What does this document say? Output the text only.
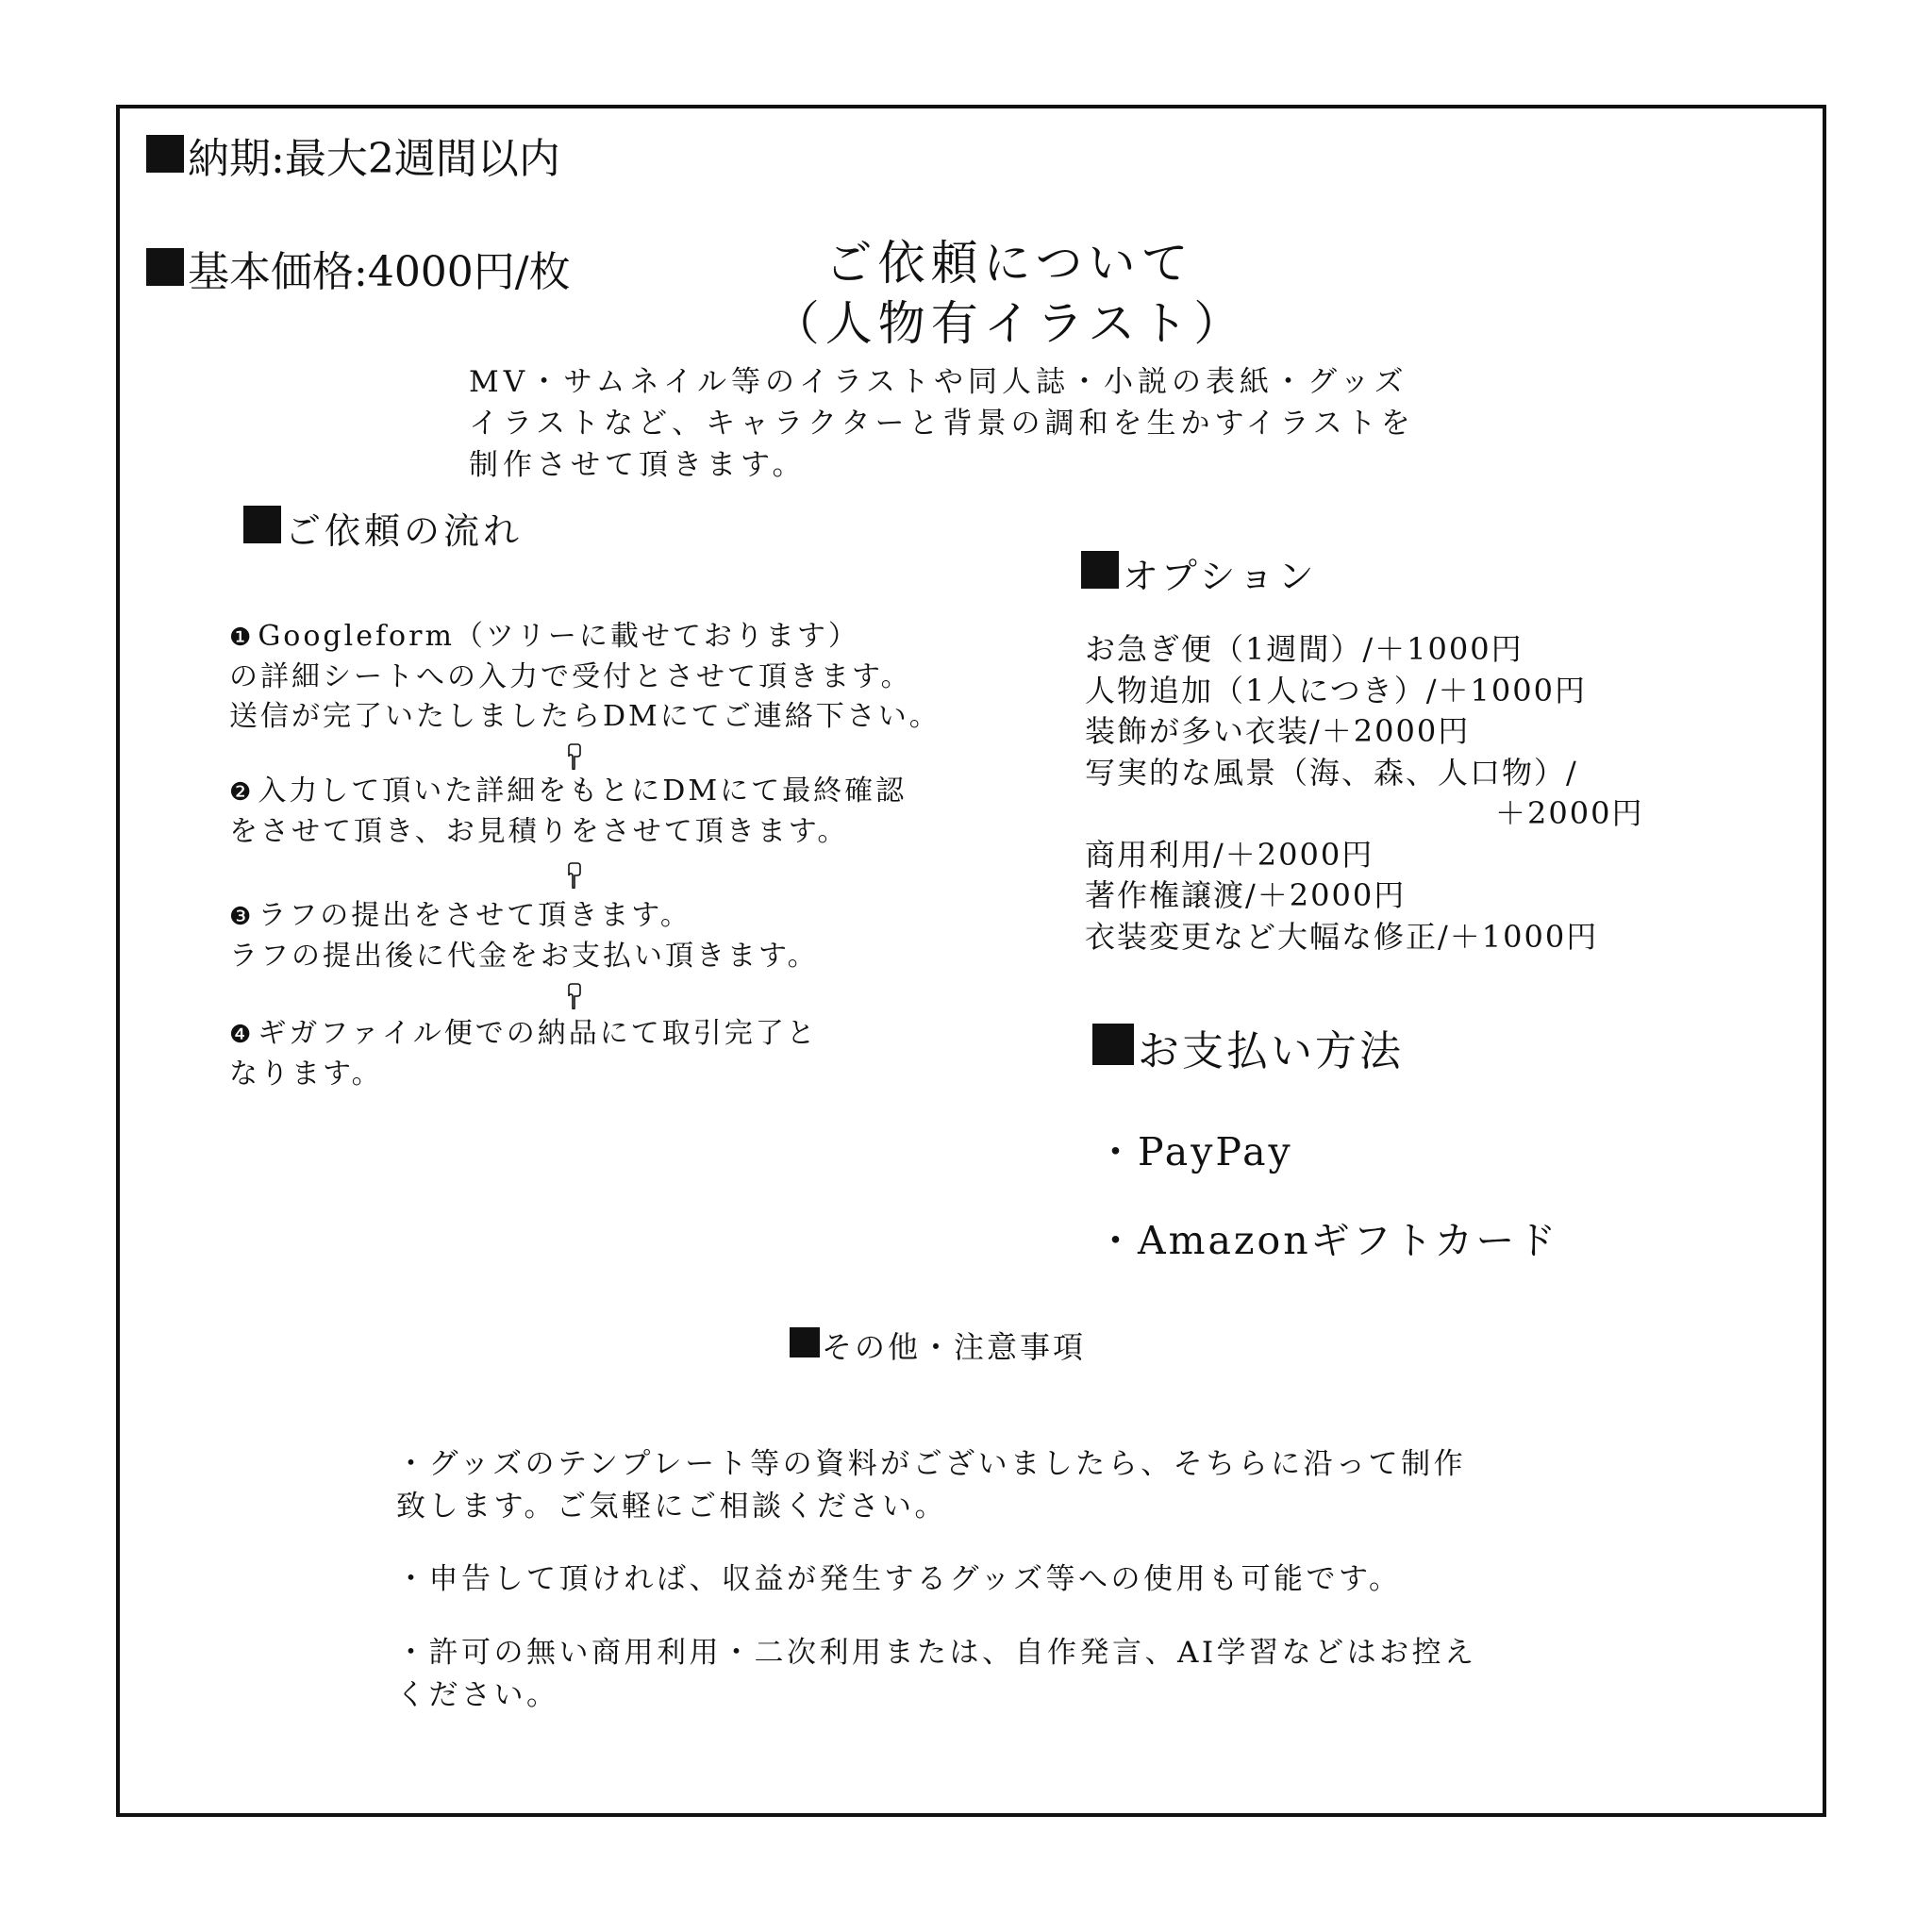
納期:最大2週間以内
基本価格:4000円/枚	ご依頼について
（人物有イラスト）
MV・サムネイル等のイラストや同人誌・小説の表紙・グッズ
イラストなど、キャラクターと背景の調和を生かすイラストを
制作させて頂きます。
ご依頼の流れ
❶ Googleform（ツリーに載せております）
の詳細シートへの入力で受付とさせて頂きます。
送信が完了いたしましたらDMにてご連絡下さい。
❷ 入力して頂いた詳細をもとにDMにて最終確認
をさせて頂き、お見積りをさせて頂きます。
❸ ラフの提出をさせて頂きます。
ラフの提出後に代金をお支払い頂きます。
❹ ギガファイル便での納品にて取引完了と
なります。
オプション
お急ぎ便（1週間）/＋1000円
人物追加（1人につき）/＋1000円
装飾が多い衣装/＋2000円
写実的な風景（海、森、人口物）/
＋2000円
商用利用/＋2000円
著作権譲渡/＋2000円
衣装変更など大幅な修正/＋1000円
お支払い方法
・PayPay
・Amazonギフトカード
その他・注意事項
・グッズのテンプレート等の資料がございましたら、そちらに沿って制作
致します。ご気軽にご相談ください。
・申告して頂ければ、収益が発生するグッズ等への使用も可能です。
・許可の無い商用利用・二次利用または、自作発言、AI学習などはお控え
ください。
